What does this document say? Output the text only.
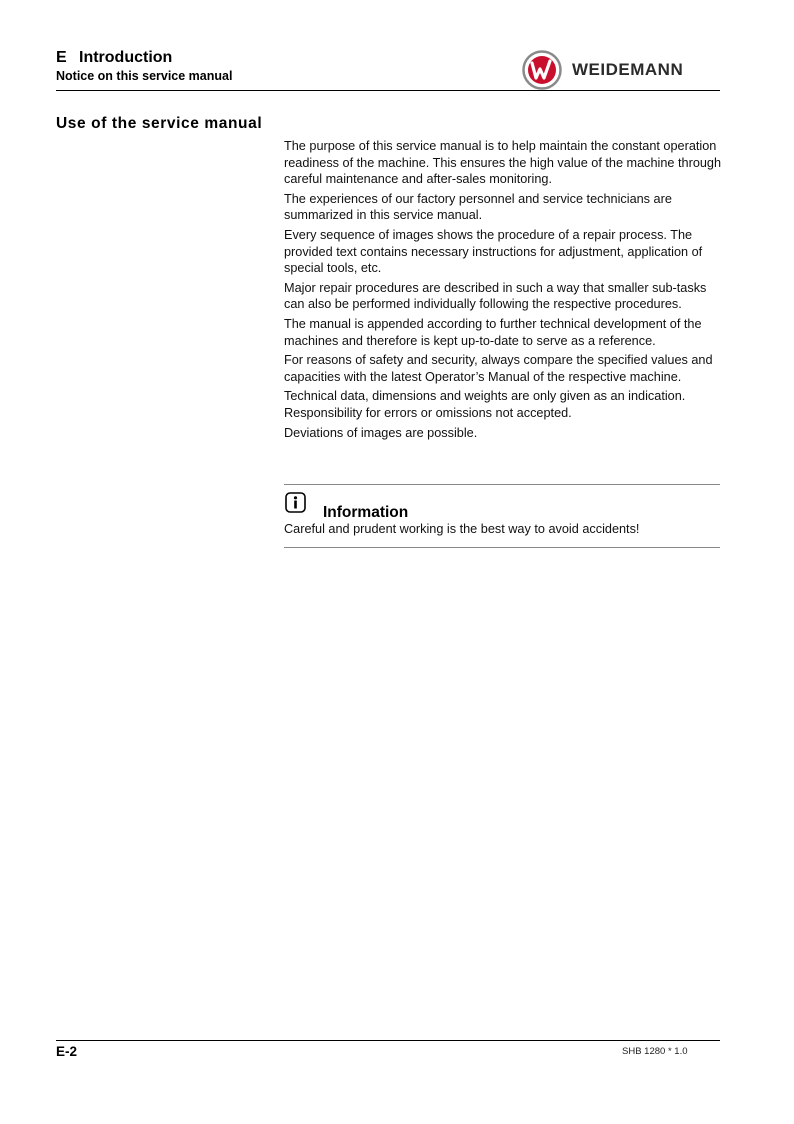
E Introduction
Notice on this service manual	WEIDEMANN
Use of the service manual

The purpose of this service manual is to help maintain the constant operation readiness of the machine. This ensures the high value of the machine through careful maintenance and after-sales monitoring.

The experiences of our factory personnel and service technicians are summarized in this service manual.

Every sequence of images shows the procedure of a repair process. The provided text contains necessary instructions for adjustment, application of special tools, etc.

Major repair procedures are described in such a way that smaller sub-tasks can also be performed individually following the respective procedures.

The manual is appended according to further technical development of the machines and therefore is kept up-to-date to serve as a reference.

For reasons of safety and security, always compare the specified values and capacities with the latest Operator’s Manual of the respective machine.

Technical data, dimensions and weights are only given as an indication. Responsibility for errors or omissions not accepted.

Deviations of images are possible.

Information
Careful and prudent working is the best way to avoid accidents!
E-2	SHB 1280 * 1.0
